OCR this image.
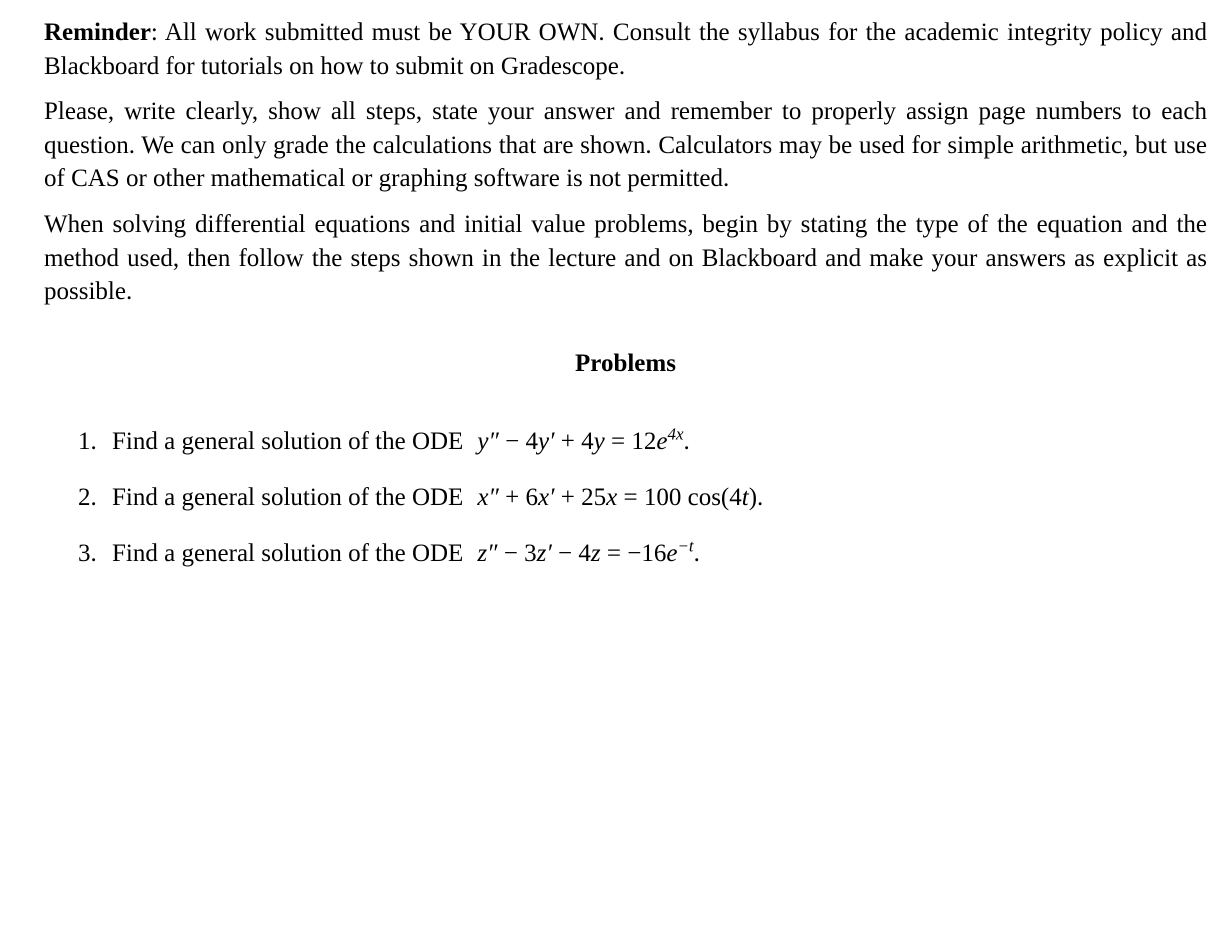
Reminder: All work submitted must be YOUR OWN. Consult the syllabus for the academic integrity policy and Blackboard for tutorials on how to submit on Gradescope.

Please, write clearly, show all steps, state your answer and remember to properly assign page numbers to each question. We can only grade the calculations that are shown. Calculators may be used for simple arithmetic, but use of CAS or other mathematical or graphing software is not permitted.

When solving differential equations and initial value problems, begin by stating the type of the equation and the method used, then follow the steps shown in the lecture and on Blackboard and make your answers as explicit as possible.

Problems
1. Find a general solution of the ODE $y'' - 4y' + 4y = 12e^{4x}$.
2. Find a general solution of the ODE x″ + 6x′ + 25x = 100 cos(4t).
3. Find a general solution of the ODE $z'' - 3z' - 4z = -16e^{-t}$.
